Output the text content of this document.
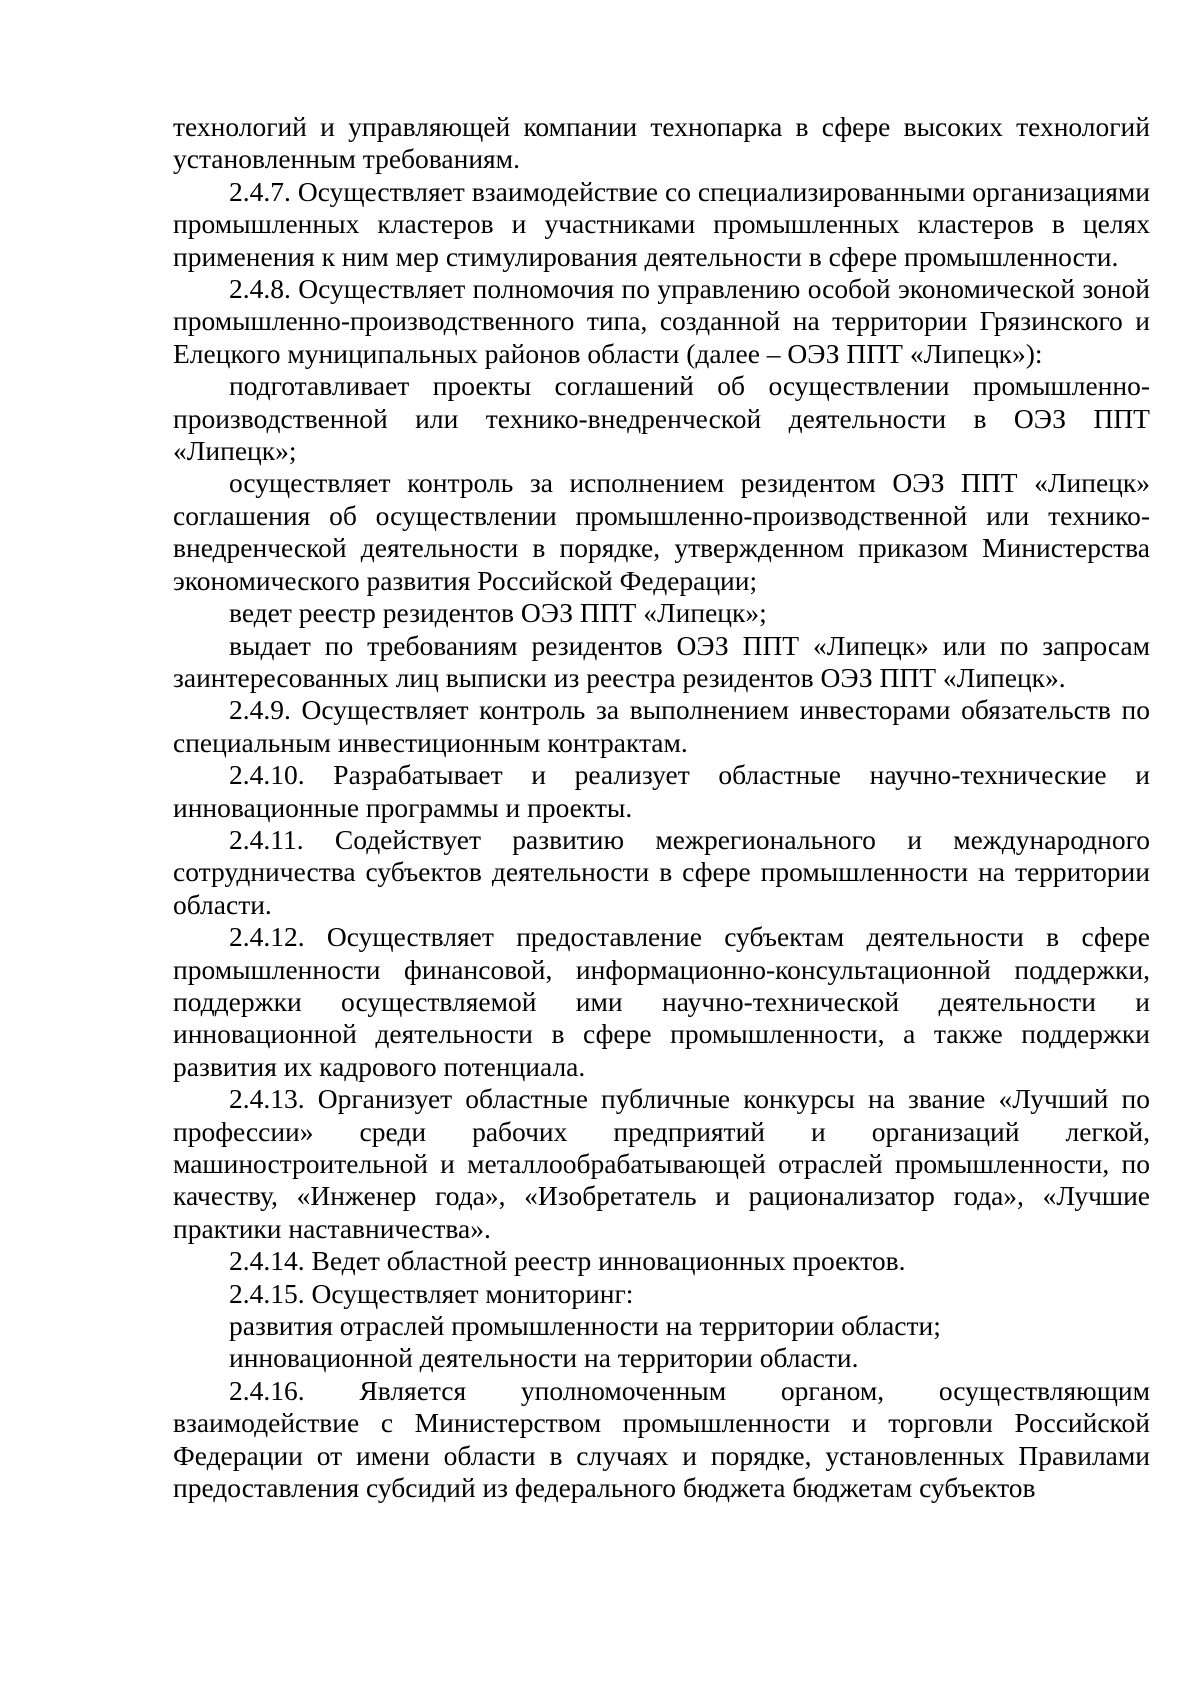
технологий и управляющей компании технопарка в сфере высоких технологий установленным требованиям.

2.4.7. Осуществляет взаимодействие со специализированными организациями промышленных кластеров и участниками промышленных кластеров в целях применения к ним мер стимулирования деятельности в сфере промышленности.

2.4.8. Осуществляет полномочия по управлению особой экономической зоной промышленно-производственного типа, созданной на территории Грязинского и Елецкого муниципальных районов области (далее – ОЭЗ ППТ «Липецк»):

подготавливает проекты соглашений об осуществлении промышленно-производственной или технико-внедренческой деятельности в ОЭЗ ППТ «Липецк»;

осуществляет контроль за исполнением резидентом ОЭЗ ППТ «Липецк» соглашения об осуществлении промышленно-производственной или технико-внедренческой деятельности в порядке, утвержденном приказом Министерства экономического развития Российской Федерации;

ведет реестр резидентов ОЭЗ ППТ «Липецк»;

выдает по требованиям резидентов ОЭЗ ППТ «Липецк» или по запросам заинтересованных лиц выписки из реестра резидентов ОЭЗ ППТ «Липецк».

2.4.9. Осуществляет контроль за выполнением инвесторами обязательств по специальным инвестиционным контрактам.

2.4.10. Разрабатывает и реализует областные научно-технические и инновационные программы и проекты.

2.4.11. Содействует развитию межрегионального и международного сотрудничества субъектов деятельности в сфере промышленности на территории области.

2.4.12. Осуществляет предоставление субъектам деятельности в сфере промышленности финансовой, информационно-консультационной поддержки, поддержки осуществляемой ими научно-технической деятельности и инновационной деятельности в сфере промышленности, а также поддержки развития их кадрового потенциала.

2.4.13. Организует областные публичные конкурсы на звание «Лучший по профессии» среди рабочих предприятий и организаций легкой, машиностроительной и металлообрабатывающей отраслей промышленности, по качеству, «Инженер года», «Изобретатель и рационализатор года», «Лучшие практики наставничества».

2.4.14. Ведет областной реестр инновационных проектов.

2.4.15. Осуществляет мониторинг:

развития отраслей промышленности на территории области;

инновационной деятельности на территории области.

2.4.16. Является уполномоченным органом, осуществляющим взаимодействие с Министерством промышленности и торговли Российской Федерации от имени области в случаях и порядке, установленных Правилами предоставления субсидий из федерального бюджета бюджетам субъектов
